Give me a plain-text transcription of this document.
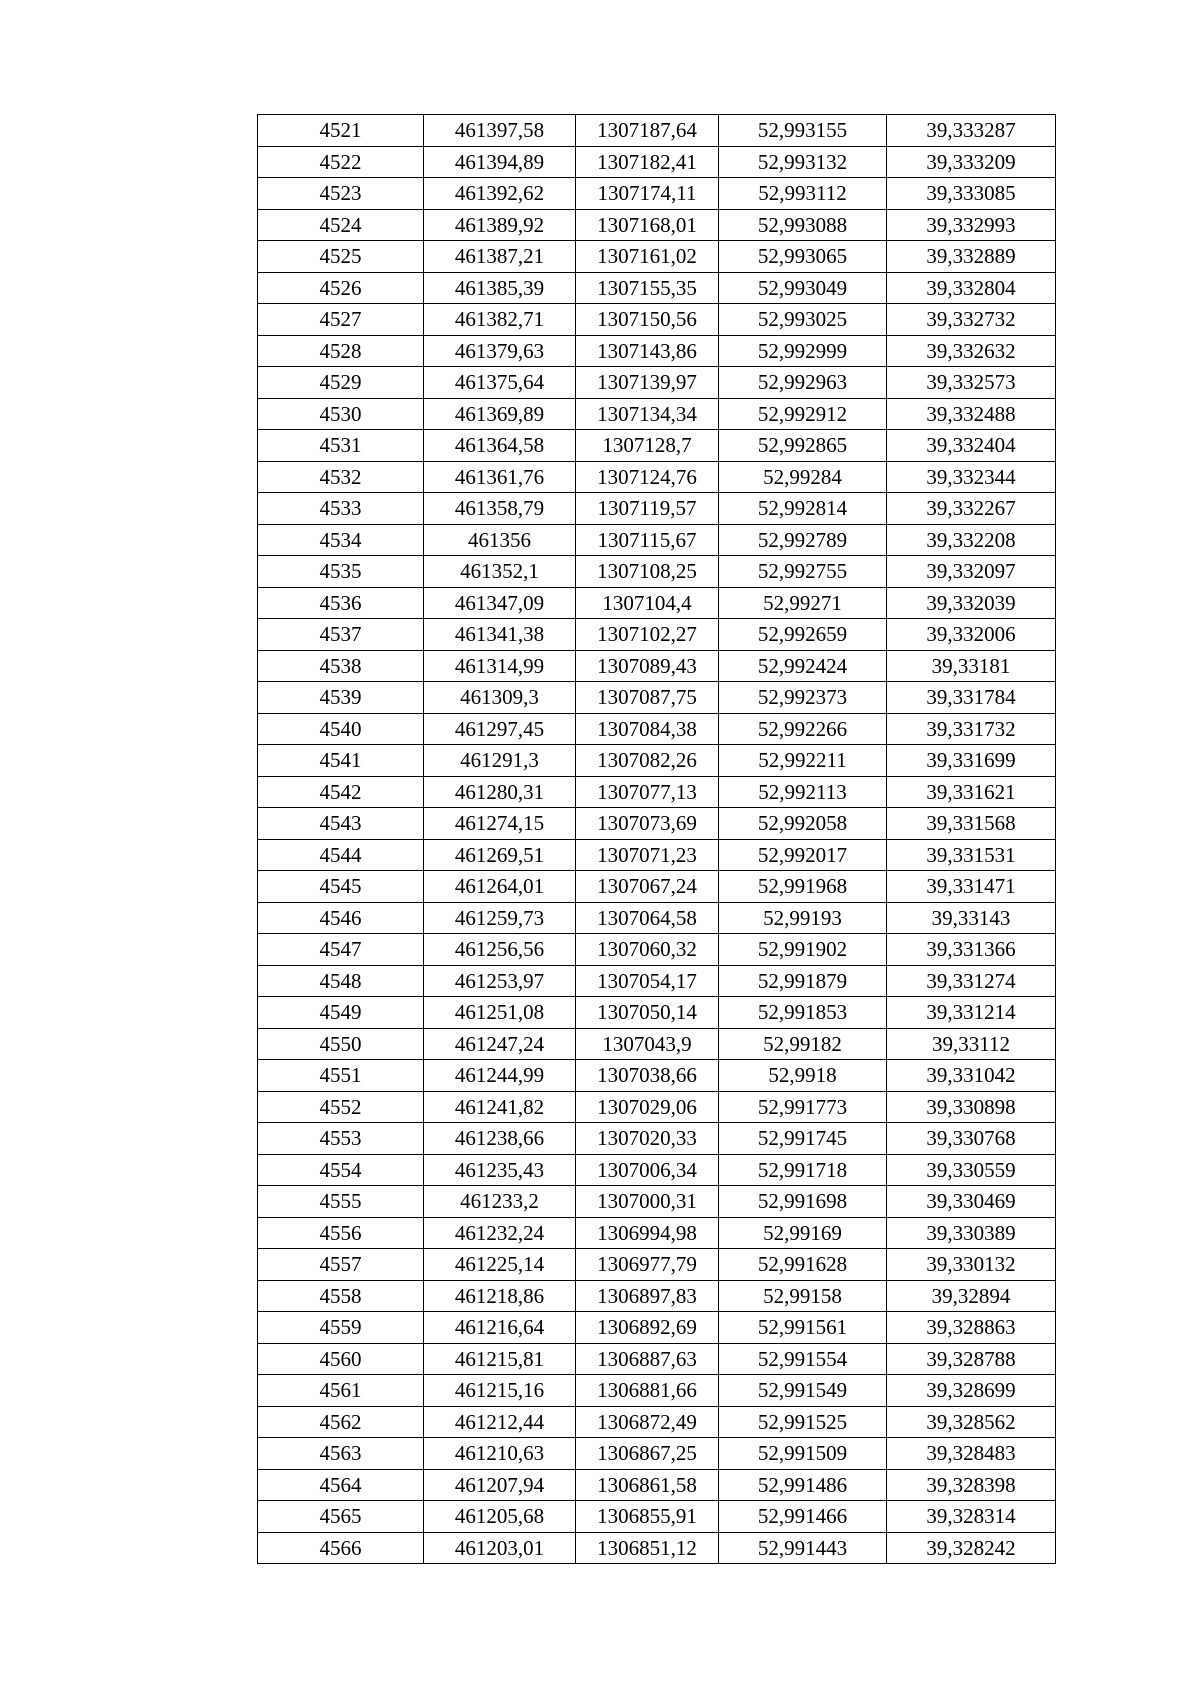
4521	461397,58	1307187,64	52,993155	39,333287
4522	461394,89	1307182,41	52,993132	39,333209
4523	461392,62	1307174,11	52,993112	39,333085
4524	461389,92	1307168,01	52,993088	39,332993
4525	461387,21	1307161,02	52,993065	39,332889
4526	461385,39	1307155,35	52,993049	39,332804
4527	461382,71	1307150,56	52,993025	39,332732
4528	461379,63	1307143,86	52,992999	39,332632
4529	461375,64	1307139,97	52,992963	39,332573
4530	461369,89	1307134,34	52,992912	39,332488
4531	461364,58	1307128,7	52,992865	39,332404
4532	461361,76	1307124,76	52,99284	39,332344
4533	461358,79	1307119,57	52,992814	39,332267
4534	461356	1307115,67	52,992789	39,332208
4535	461352,1	1307108,25	52,992755	39,332097
4536	461347,09	1307104,4	52,99271	39,332039
4537	461341,38	1307102,27	52,992659	39,332006
4538	461314,99	1307089,43	52,992424	39,33181
4539	461309,3	1307087,75	52,992373	39,331784
4540	461297,45	1307084,38	52,992266	39,331732
4541	461291,3	1307082,26	52,992211	39,331699
4542	461280,31	1307077,13	52,992113	39,331621
4543	461274,15	1307073,69	52,992058	39,331568
4544	461269,51	1307071,23	52,992017	39,331531
4545	461264,01	1307067,24	52,991968	39,331471
4546	461259,73	1307064,58	52,99193	39,33143
4547	461256,56	1307060,32	52,991902	39,331366
4548	461253,97	1307054,17	52,991879	39,331274
4549	461251,08	1307050,14	52,991853	39,331214
4550	461247,24	1307043,9	52,99182	39,33112
4551	461244,99	1307038,66	52,9918	39,331042
4552	461241,82	1307029,06	52,991773	39,330898
4553	461238,66	1307020,33	52,991745	39,330768
4554	461235,43	1307006,34	52,991718	39,330559
4555	461233,2	1307000,31	52,991698	39,330469
4556	461232,24	1306994,98	52,99169	39,330389
4557	461225,14	1306977,79	52,991628	39,330132
4558	461218,86	1306897,83	52,99158	39,32894
4559	461216,64	1306892,69	52,991561	39,328863
4560	461215,81	1306887,63	52,991554	39,328788
4561	461215,16	1306881,66	52,991549	39,328699
4562	461212,44	1306872,49	52,991525	39,328562
4563	461210,63	1306867,25	52,991509	39,328483
4564	461207,94	1306861,58	52,991486	39,328398
4565	461205,68	1306855,91	52,991466	39,328314
4566	461203,01	1306851,12	52,991443	39,328242
